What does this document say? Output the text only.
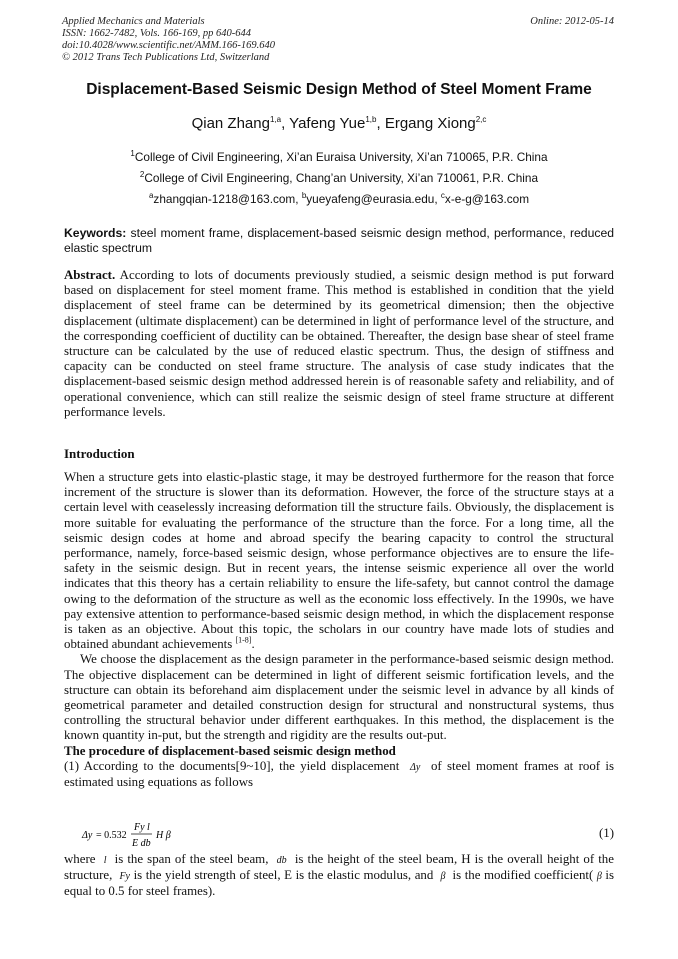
Applied Mechanics and Materials
ISSN: 1662-7482, Vols. 166-169, pp 640-644
doi:10.4028/www.scientific.net/AMM.166-169.640
© 2012 Trans Tech Publications Ltd, Switzerland
Online: 2012-05-14
Displacement-Based Seismic Design Method of Steel Moment Frame
Qian Zhang$^{1,a}$, Yafeng Yue$^{1,b}$, Ergang Xiong$^{2,c}$
$^1$College of Civil Engineering, Xi’an Euraisa University, Xi’an 710065, P.R. China
$^2$College of Civil Engineering, Chang’an University, Xi’an 710061, P.R. China
$^a$zhangqian-1218@163.com, $^b$yueyafeng@eurasia.edu, $^c$x-e-g@163.com
Keywords: steel moment frame, displacement-based seismic design method, performance, reduced elastic spectrum
Abstract. According to lots of documents previously studied, a seismic design method is put forward based on displacement for steel moment frame. This method is established in condition that the yield displacement of steel frame can be determined by its geometrical dimension; then the objective displacement (ultimate displacement) can be determined in light of performance level of the structure, and the corresponding coefficient of ductility can be obtained. Thereafter, the design base shear of steel frame structure can be calculated by the use of reduced elastic spectrum. Thus, the design of stiffness and capacity can be conducted on steel frame structure. The analysis of case study indicates that the displacement-based seismic design method addressed herein is of reasonable safety and reliability, and of operational convenience, which can still realize the seismic design of steel frame structure at different performance levels.
Introduction

When a structure gets into elastic-plastic stage, it may be destroyed furthermore for the reason that force increment of the structure is slower than its deformation. However, the force of the structure stays at a certain level with ceaselessly increasing deformation till the structure fails. Obviously, the displacement is more suitable for evaluating the performance of the structure than the force. For a long time, all the seismic design codes at home and abroad specify the bearing capacity to control the structural performance, namely, force-based seismic design, whose performance objectives are to ensure the life-safety in the seismic design. But in recent years, the intense seismic experience all over the world indicates that this theory has a certain reliability to ensure the life-safety, but cannot control the damage owing to the deformation of the structure as well as the economic loss effectively. In the 1990s, we have pay extensive attention to performance-based seismic design method, in which the displacement response is taken as an objective. About this topic, the scholars in our country have made lots of studies and obtained abundant achievements [1-8].

We choose the displacement as the design parameter in the performance-based seismic design method. The objective displacement can be determined in light of different seismic fortification levels, and the structure can obtain its beforehand aim displacement under the seismic level in advance by all kinds of geometrical parameter and detailed construction design for structural and nonstructural systems, thus controlling the structural behavior under different earthquakes. In this method, the displacement is the known quantity in-put, but the strength and rigidity are the results out-put.

The procedure of displacement-based seismic design method

(1) According to the documents[9~10], the yield displacement Δy of steel moment frames at roof is estimated using equations as follows

Δy = 0.532
Fy l
E db
H β	(1)
where l is the span of the steel beam, db is the height of the steel beam, H is the overall height of the structure, Fy is the yield strength of steel, E is the elastic modulus, and β is the modified coefficient( β is equal to 0.5 for steel frames).
